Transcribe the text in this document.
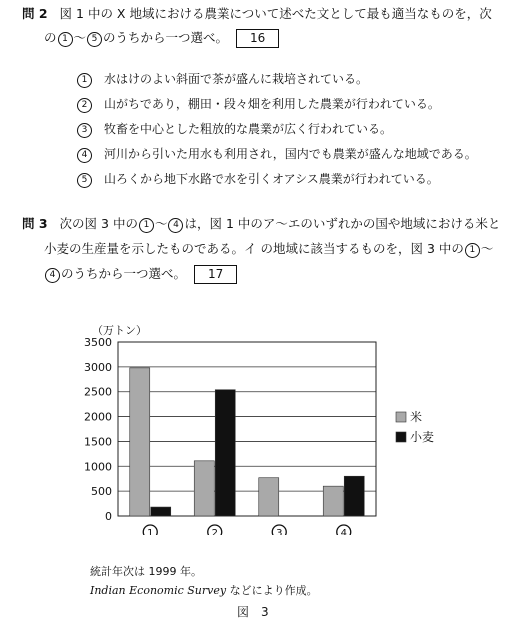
問 2 図 1 中の X 地域における農業について述べた文として最も適当なものを，次
の 1 〜 5 のうちから一つ選べ。 16
1 水はけのよい斜面で茶が盛んに栽培されている。
2 山がちであり，棚田・段々畑を利用した農業が行われている。
3 牧畜を中心とした粗放的な農業が広く行われている。
4 河川から引いた用水も利用され，国内でも農業が盛んな地域である。
5 山ろくから地下水路で水を引くオアシス農業が行われている。
問 3 次の図 3 中の 1 〜 4 は，図 1 中のア〜エのいずれかの国や地域における米と
小麦の生産量を示したものである。イ の地域に該当するものを，図 3 中の 1 〜
4 のうちから一つ選べ。 17
（万トン）
0
500
1000
1500
2000
2500
3000
3500
1	2	3	4
米
小麦
統計年次は 1999 年。
Indian Economic Survey などにより作成。
図　3
